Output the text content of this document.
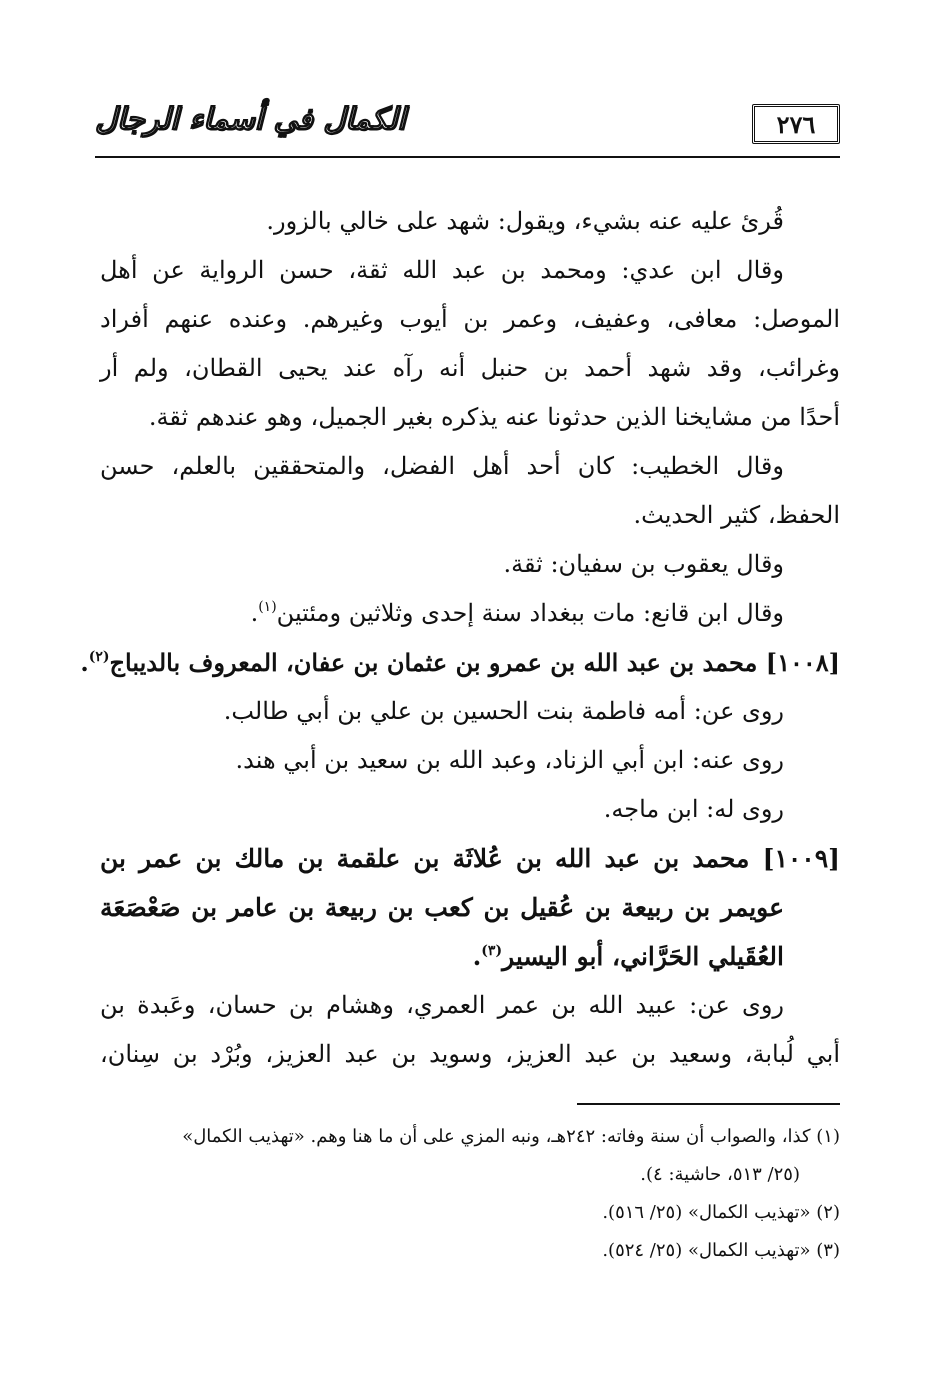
٢٧٦
الكمال في أسماء الرجال
قُرئ عليه عنه بشيء، ويقول: شهد على خالي بالزور.
وقال ابن عدي: ومحمد بن عبد الله ثقة، حسن الرواية عن أهل
الموصل: معافى، وعفيف، وعمر بن أيوب وغيرهم. وعنده عنهم أفراد
وغرائب، وقد شهد أحمد بن حنبل أنه رآه عند يحيى القطان، ولم أر
أحدًا من مشايخنا الذين حدثونا عنه يذكره بغير الجميل، وهو عندهم ثقة.
وقال الخطيب: كان أحد أهل الفضل، والمتحققين بالعلم، حسن
الحفظ، كثير الحديث.
وقال يعقوب بن سفيان: ثقة.
وقال ابن قانع: مات ببغداد سنة إحدى وثلاثين ومئتين$^{(١)}$.
[١٠٠٨] محمد بن عبد الله بن عمرو بن عثمان بن عفان، المعروف بالديباج$^{(٢)}$.
روى عن: أمه فاطمة بنت الحسين بن علي بن أبي طالب.
روى عنه: ابن أبي الزناد، وعبد الله بن سعيد بن أبي هند.
روى له: ابن ماجه.
[١٠٠٩] محمد بن عبد الله بن عُلاثَة بن علقمة بن مالك بن عمر بن
عويمر بن ربيعة بن عُقيل بن كعب بن ربيعة بن عامر بن صَعْصَعَة
العُقَيلي الحَرَّاني، أبو اليسير$^{(٣)}$.
روى عن: عبيد الله بن عمر العمري، وهشام بن حسان، وعَبدة بن
أبي لُبابة، وسعيد بن عبد العزيز، وسويد بن عبد العزيز، وبُرْد بن سِنان،
(١) كذا، والصواب أن سنة وفاته: ٢٤٢هـ، ونبه المزي على أن ما هنا وهم. «تهذيب الكمال»
(٢٥/ ٥١٣، حاشية: ٤).
(٢) «تهذيب الكمال» (٢٥/ ٥١٦).
(٣) «تهذيب الكمال» (٢٥/ ٥٢٤).
